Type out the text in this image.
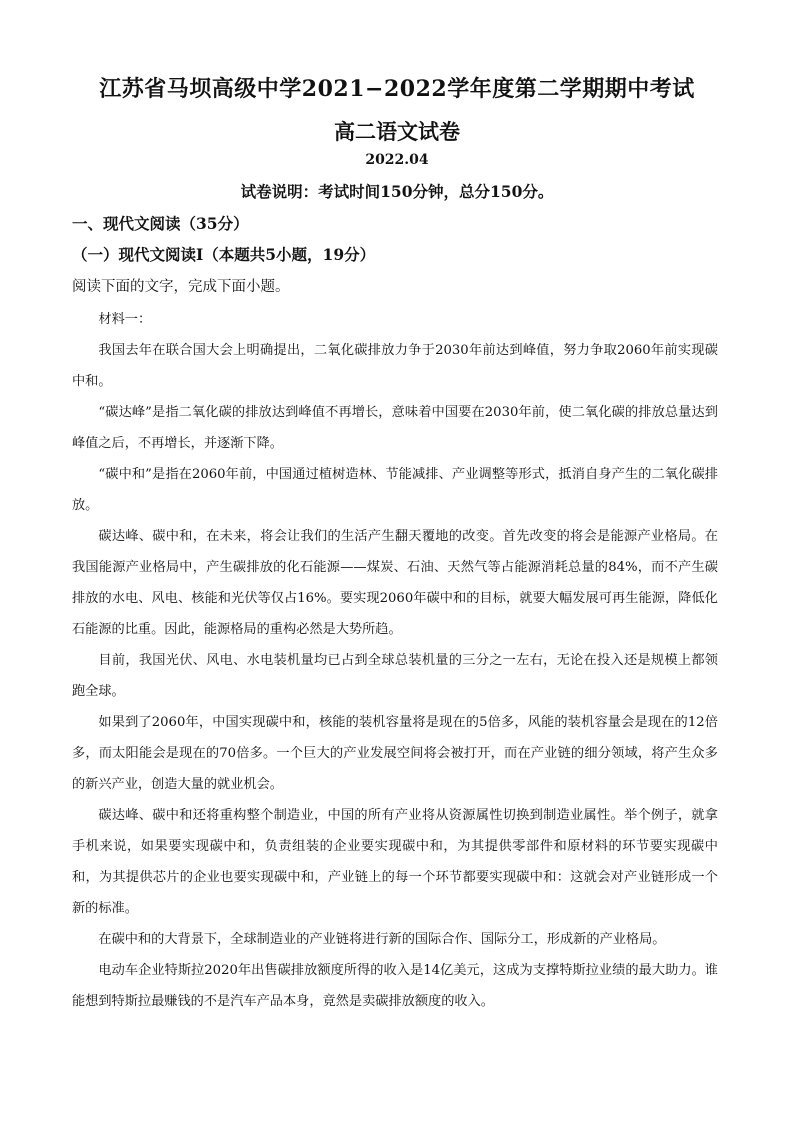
江苏省马坝高级中学2021−2022学年度第二学期期中考试
高二语文试卷
2022.04
试卷说明：考试时间150分钟，总分150分。
一、现代文阅读（35分）
（一）现代文阅读Ⅰ（本题共5小题，19分）
阅读下面的文字，完成下面小题。

材料一：

我国去年在联合国大会上明确提出，二氧化碳排放力争于2030年前达到峰值，努力争取2060年前实现碳中和。

“碳达峰”是指二氧化碳的排放达到峰值不再增长，意味着中国要在2030年前，使二氧化碳的排放总量达到峰值之后，不再增长，并逐渐下降。

“碳中和”是指在2060年前，中国通过植树造林、节能减排、产业调整等形式，抵消自身产生的二氧化碳排放。

碳达峰、碳中和，在未来，将会让我们的生活产生翻天覆地的改变。首先改变的将会是能源产业格局。在我国能源产业格局中，产生碳排放的化石能源——煤炭、石油、天然气等占能源消耗总量的84%，而不产生碳排放的水电、风电、核能和光伏等仅占16%。要实现2060年碳中和的目标，就要大幅发展可再生能源，降低化石能源的比重。因此，能源格局的重构必然是大势所趋。

目前，我国光伏、风电、水电装机量均已占到全球总装机量的三分之一左右，无论在投入还是规模上都领跑全球。

如果到了2060年，中国实现碳中和，核能的装机容量将是现在的5倍多，风能的装机容量会是现在的12倍多，而太阳能会是现在的70倍多。一个巨大的产业发展空间将会被打开，而在产业链的细分领域，将产生众多的新兴产业，创造大量的就业机会。

碳达峰、碳中和还将重构整个制造业，中国的所有产业将从资源属性切换到制造业属性。举个例子，就拿手机来说，如果要实现碳中和，负责组装的企业要实现碳中和，为其提供零部件和原材料的环节要实现碳中和，为其提供芯片的企业也要实现碳中和，产业链上的每一个环节都要实现碳中和：这就会对产业链形成一个新的标准。

在碳中和的大背景下，全球制造业的产业链将进行新的国际合作、国际分工，形成新的产业格局。

电动车企业特斯拉2020年出售碳排放额度所得的收入是14亿美元，这成为支撑特斯拉业绩的最大助力。谁能想到特斯拉最赚钱的不是汽车产品本身，竟然是卖碳排放额度的收入。
